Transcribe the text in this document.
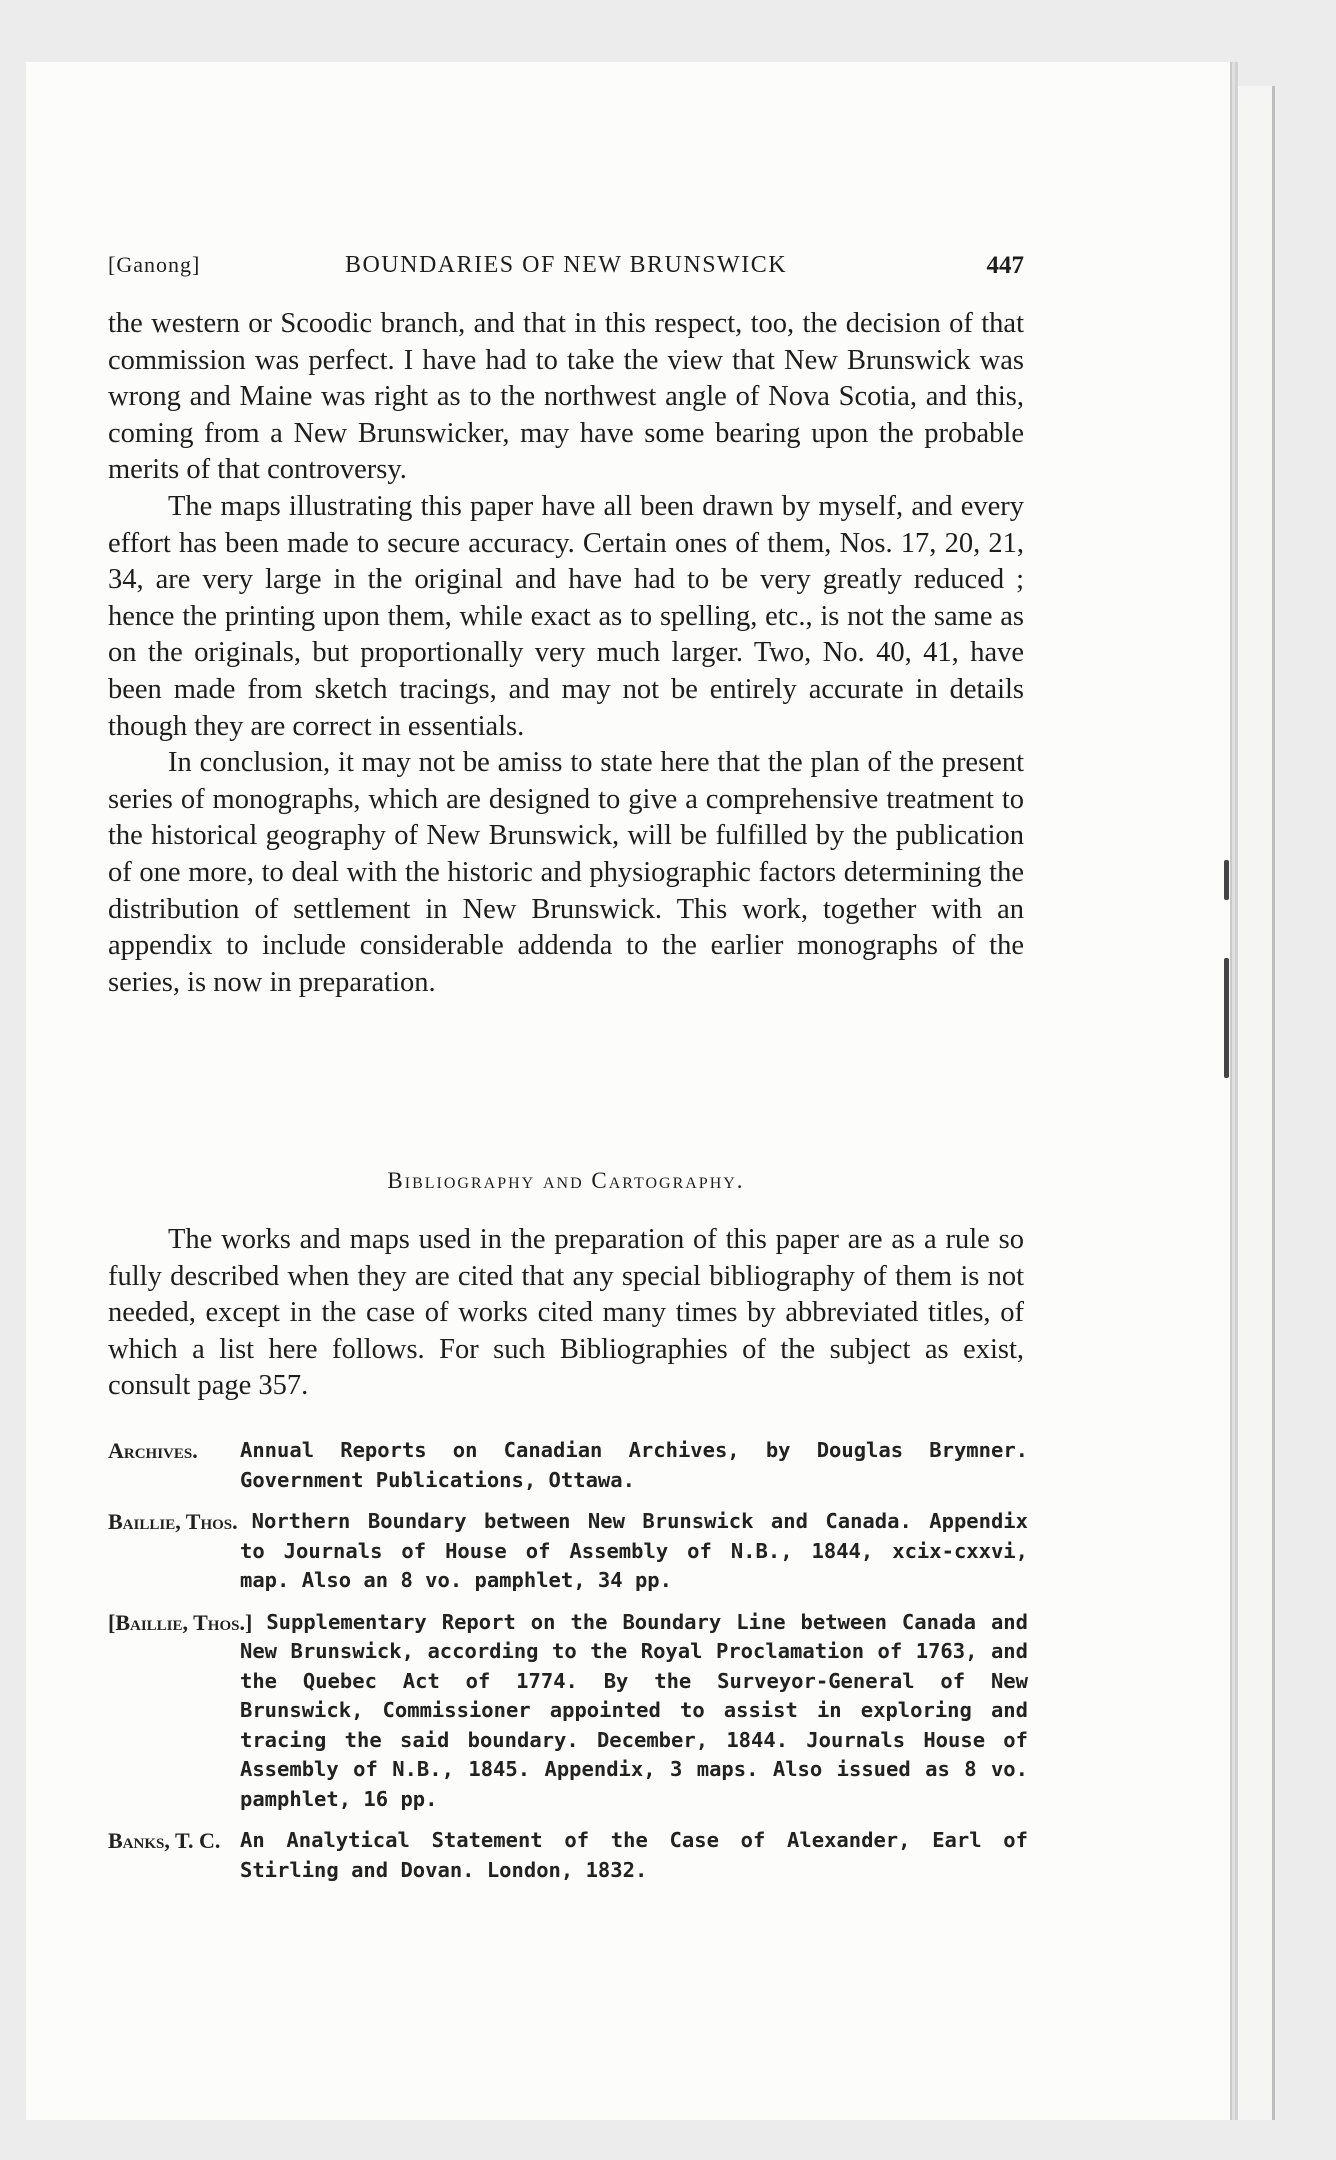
[Ganong]	BOUNDARIES OF NEW BRUNSWICK	447

the western or Scoodic branch, and that in this respect, too, the decision of that commission was perfect. I have had to take the view that New Brunswick was wrong and Maine was right as to the northwest angle of Nova Scotia, and this, coming from a New Brunswicker, may have some bearing upon the probable merits of that controversy.

The maps illustrating this paper have all been drawn by myself, and every effort has been made to secure accuracy. Certain ones of them, Nos. 17, 20, 21, 34, are very large in the original and have had to be very greatly reduced ; hence the printing upon them, while exact as to spelling, etc., is not the same as on the originals, but proportionally very much larger. Two, No. 40, 41, have been made from sketch tracings, and may not be entirely accurate in details though they are correct in essentials.

In conclusion, it may not be amiss to state here that the plan of the present series of monographs, which are designed to give a comprehensive treatment to the historical geography of New Brunswick, will be fulfilled by the publication of one more, to deal with the historic and physiographic factors determining the distribution of settlement in New Brunswick. This work, together with an appendix to include considerable addenda to the earlier monographs of the series, is now in preparation.

Bibliography and Cartography.

The works and maps used in the preparation of this paper are as a rule so fully described when they are cited that any special bibliography of them is not needed, except in the case of works cited many times by abbreviated titles, of which a list here follows. For such Bibliographies of the subject as exist, consult page 357.

Archives. Annual Reports on Canadian Archives, by Douglas Brymner. Government Publications, Ottawa.
Baillie, Thos. Northern Boundary between New Brunswick and Canada. Appendix to Journals of House of Assembly of N.B., 1844, xcix-cxxvi, map. Also an 8 vo. pamphlet, 34 pp.
[Baillie, Thos.] Supplementary Report on the Boundary Line between Canada and New Brunswick, according to the Royal Proclamation of 1763, and the Quebec Act of 1774. By the Surveyor-General of New Brunswick, Commissioner appointed to assist in exploring and tracing the said boundary. December, 1844. Journals House of Assembly of N.B., 1845. Appendix, 3 maps. Also issued as 8 vo. pamphlet, 16 pp.
Banks, T. C. An Analytical Statement of the Case of Alexander, Earl of Stirling and Dovan. London, 1832.
